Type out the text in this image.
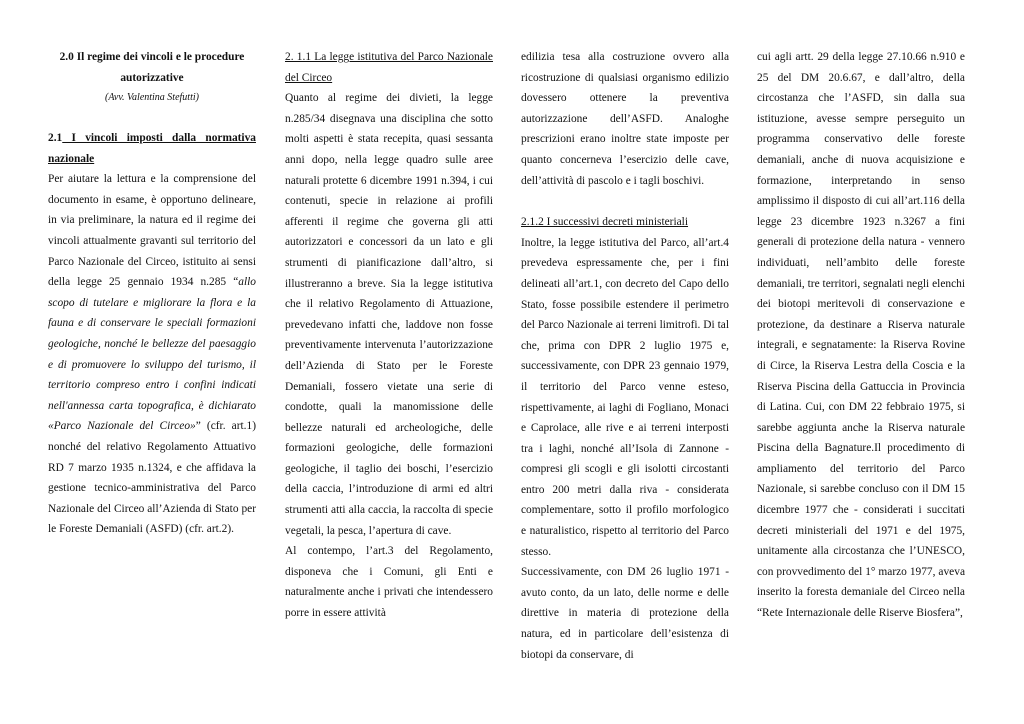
2.0 Il regime dei vincoli e le procedure

autorizzative

(Avv. Valentina Stefutti)

2.1 I vincoli imposti dalla normativa nazionale

Per aiutare la lettura e la comprensione del documento in esame, è opportuno delineare, in via preliminare, la natura ed il regime dei vincoli attualmente gravanti sul territorio del Parco Nazionale del Circeo, istituito ai sensi della legge 25 gennaio 1934 n.285 “allo scopo di tutelare e migliorare la flora e la fauna e di conservare le speciali formazioni geologiche, nonché le bellezze del paesaggio e di promuovere lo sviluppo del turismo, il territorio compreso entro i confini indicati nell'annessa carta topografica, è dichiarato «Parco Nazionale del Circeo»” (cfr. art.1) nonché del relativo Regolamento Attuativo RD 7 marzo 1935 n.1324, e che affidava la gestione tecnico-amministrativa del Parco Nazionale del Circeo all’Azienda di Stato per le Foreste Demaniali (ASFD) (cfr. art.2).

2. 1.1 La legge istitutiva del Parco Nazionale del Circeo

Quanto al regime dei divieti, la legge n.285/34 disegnava una disciplina che sotto molti aspetti è stata recepita, quasi sessanta anni dopo, nella legge quadro sulle aree naturali protette 6 dicembre 1991 n.394, i cui contenuti, specie in relazione ai profili afferenti il regime che governa gli atti autorizzatori e concessori da un lato e gli strumenti di pianificazione dall’altro, si illustreranno a breve. Sia la legge istitutiva che il relativo Regolamento di Attuazione, prevedevano infatti che, laddove non fosse preventivamente intervenuta l’autorizzazione dell’Azienda di Stato per le Foreste Demaniali, fossero vietate una serie di condotte, quali la manomissione delle bellezze naturali ed archeologiche, delle formazioni geologiche, delle formazioni geologiche, il taglio dei boschi, l’esercizio della caccia, l’introduzione di armi ed altri strumenti atti alla caccia, la raccolta di specie vegetali, la pesca, l’apertura di cave.

Al contempo, l’art.3 del Regolamento, disponeva che i Comuni, gli Enti e naturalmente anche i privati che intendessero porre in essere attività

edilizia tesa alla costruzione ovvero alla ricostruzione di qualsiasi organismo edilizio dovessero ottenere la preventiva autorizzazione dell’ASFD. Analoghe prescrizioni erano inoltre state imposte per quanto concerneva l’esercizio delle cave, dell’attività di pascolo e i tagli boschivi.

2.1.2 I successivi decreti ministeriali

Inoltre, la legge istitutiva del Parco, all’art.4 prevedeva espressamente che, per i fini delineati all’art.1, con decreto del Capo dello Stato, fosse possibile estendere il perimetro del Parco Nazionale ai terreni limitrofi. Di tal che, prima con DPR 2 luglio 1975 e, successivamente, con DPR 23 gennaio 1979, il territorio del Parco venne esteso, rispettivamente, ai laghi di Fogliano, Monaci e Caprolace, alle rive e ai terreni interposti tra i laghi, nonché all’Isola di Zannone - compresi gli scogli e gli isolotti circostanti entro 200 metri dalla riva - considerata complementare, sotto il profilo morfologico e naturalistico, rispetto al territorio del Parco stesso.

Successivamente, con DM 26 luglio 1971 - avuto conto, da un lato, delle norme e delle direttive in materia di protezione della natura, ed in particolare dell’esistenza di biotopi da conservare, di

cui agli artt. 29 della legge 27.10.66 n.910 e 25 del DM 20.6.67, e dall’altro, della circostanza che l’ASFD, sin dalla sua istituzione, avesse sempre perseguito un programma conservativo delle foreste demaniali, anche di nuova acquisizione e formazione, interpretando in senso amplissimo il disposto di cui all’art.116 della legge 23 dicembre 1923 n.3267 a fini generali di protezione della natura - vennero individuati, nell’ambito delle foreste demaniali, tre territori, segnalati negli elenchi dei biotopi meritevoli di conservazione e protezione, da destinare a Riserva naturale integrali, e segnatamente: la Riserva Rovine di Circe, la Riserva Lestra della Coscia e la Riserva Piscina della Gattuccia in Provincia di Latina. Cui, con DM 22 febbraio 1975, si sarebbe aggiunta anche la Riserva naturale Piscina della Bagnature.Il procedimento di ampliamento del territorio del Parco Nazionale, si sarebbe concluso con il DM 15 dicembre 1977 che - considerati i succitati decreti ministeriali del 1971 e del 1975, unitamente alla circostanza che l’UNESCO, con provvedimento del 1° marzo 1977, aveva inserito la foresta demaniale del Circeo nella “Rete Internazionale delle Riserve Biosfera”,
